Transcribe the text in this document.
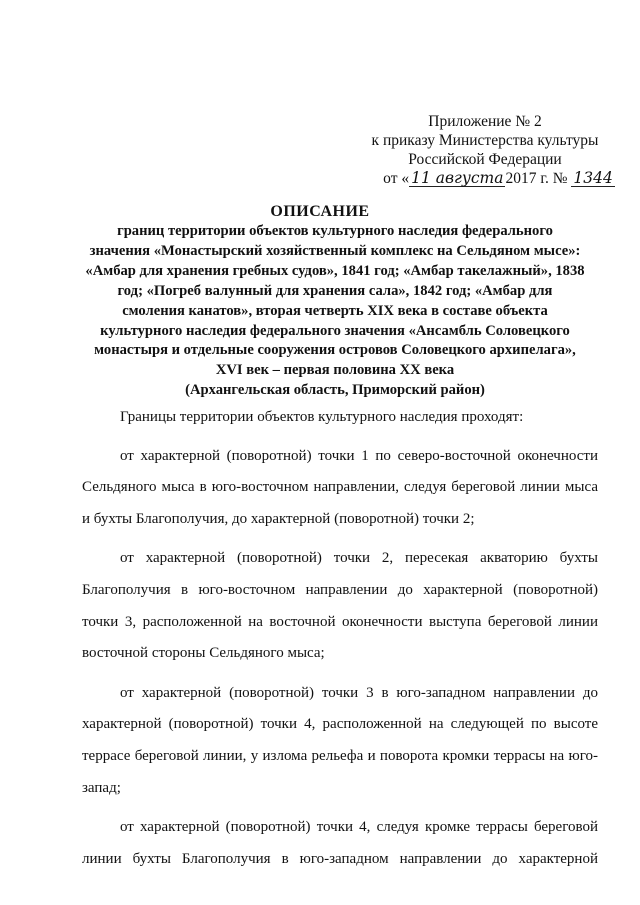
Приложение № 2
к приказу Министерства культуры
Российской Федерации
от « 11 августа 2017 г. № 1344
ОПИСАНИЕ
границ территории объектов культурного наследия федерального
значения «Монастырский хозяйственный комплекс на Сельдяном мысе»:
«Амбар для хранения гребных судов», 1841 год; «Амбар такелажный», 1838
год; «Погреб валунный для хранения сала», 1842 год; «Амбар для
смоления канатов», вторая четверть XIX века в составе объекта
культурного наследия федерального значения «Ансамбль Соловецкого
монастыря и отдельные сооружения островов Соловецкого архипелага»,
XVI век – первая половина XX века
(Архангельская область, Приморский район)
Границы территории объектов культурного наследия проходят:
от характерной (поворотной) точки 1 по северо-восточной оконечности
Сельдяного мыса в юго-восточном направлении, следуя береговой линии мыса
и бухты Благополучия, до характерной (поворотной) точки 2;
от характерной (поворотной) точки 2, пересекая акваторию бухты
Благополучия в юго-восточном направлении до характерной (поворотной)
точки 3, расположенной на восточной оконечности выступа береговой линии
восточной стороны Сельдяного мыса;
от характерной (поворотной) точки 3 в юго-западном направлении до
характерной (поворотной) точки 4, расположенной на следующей по высоте
террасе береговой линии, у излома рельефа и поворота кромки террасы на юго-
запад;
от характерной (поворотной) точки 4, следуя кромке террасы береговой
линии бухты Благополучия в юго-западном направлении до характерной
